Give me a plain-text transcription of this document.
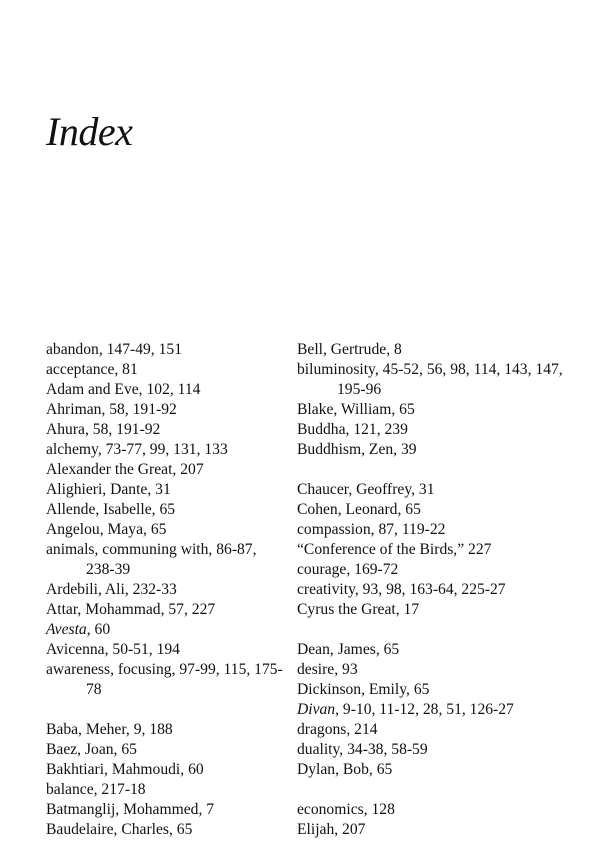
Index
abandon, 147-49, 151
acceptance, 81
Adam and Eve, 102, 114
Ahriman, 58, 191-92
Ahura, 58, 191-92
alchemy, 73-77, 99, 131, 133
Alexander the Great, 207
Alighieri, Dante, 31
Allende, Isabelle, 65
Angelou, Maya, 65
animals, communing with, 86-87, 238-39
Ardebili, Ali, 232-33
Attar, Mohammad, 57, 227
Avesta, 60
Avicenna, 50-51, 194
awareness, focusing, 97-99, 115, 175-78
Baba, Meher, 9, 188
Baez, Joan, 65
Bakhtiari, Mahmoudi, 60
balance, 217-18
Batmanglij, Mohammed, 7
Baudelaire, Charles, 65
Bell, Gertrude, 8
biluminosity, 45-52, 56, 98, 114, 143, 147, 195-96
Blake, William, 65
Buddha, 121, 239
Buddhism, Zen, 39
Chaucer, Geoffrey, 31
Cohen, Leonard, 65
compassion, 87, 119-22
“Conference of the Birds,” 227
courage, 169-72
creativity, 93, 98, 163-64, 225-27
Cyrus the Great, 17
Dean, James, 65
desire, 93
Dickinson, Emily, 65
Divan, 9-10, 11-12, 28, 51, 126-27
dragons, 214
duality, 34-38, 58-59
Dylan, Bob, 65
economics, 128
Elijah, 207
